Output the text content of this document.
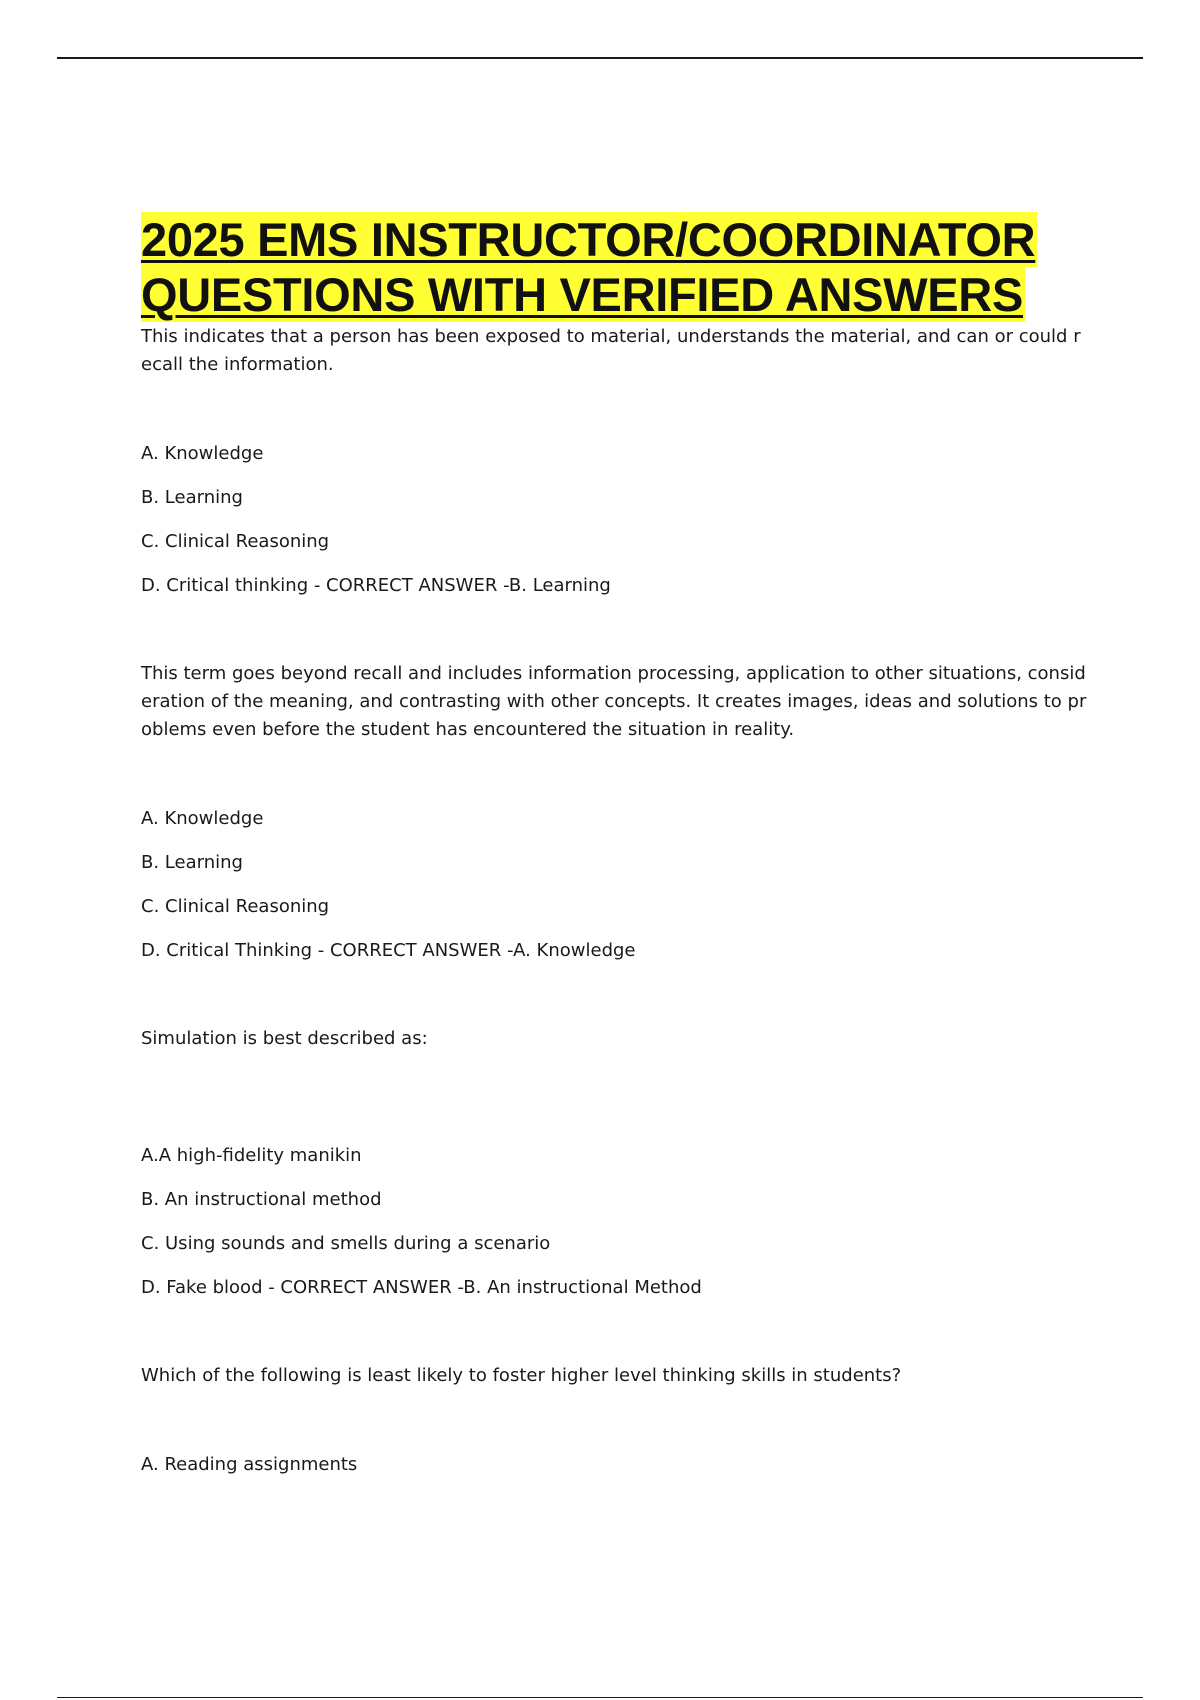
2025 EMS INSTRUCTOR/COORDINATOR
QUESTIONS WITH VERIFIED ANSWERS

This indicates that a person has been exposed to material, understands the material, and can or could r

ecall the information.

A. Knowledge

B. Learning

C. Clinical Reasoning

D. Critical thinking - CORRECT ANSWER -B. Learning

This term goes beyond recall and includes information processing, application to other situations, consid

eration of the meaning, and contrasting with other concepts. It creates images, ideas and solutions to pr

oblems even before the student has encountered the situation in reality.

A. Knowledge

B. Learning

C. Clinical Reasoning

D. Critical Thinking - CORRECT ANSWER -A. Knowledge

Simulation is best described as:

A.A high-fidelity manikin

B. An instructional method

C. Using sounds and smells during a scenario

D. Fake blood - CORRECT ANSWER -B. An instructional Method

Which of the following is least likely to foster higher level thinking skills in students?

A. Reading assignments
